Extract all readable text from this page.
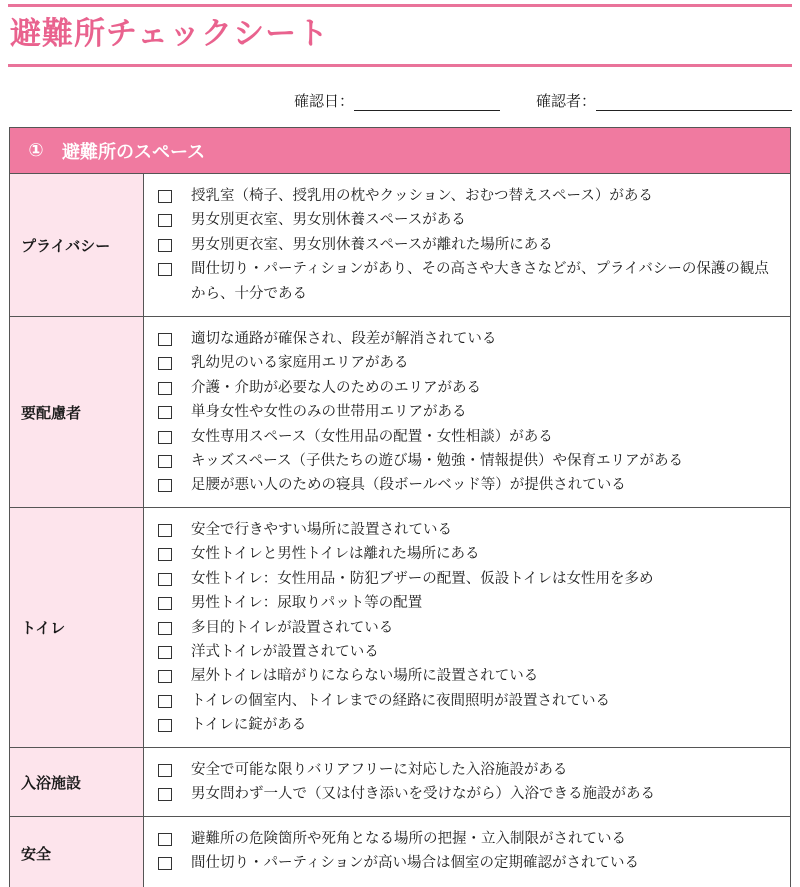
避難所チェックシート
確認日：	確認者：
①	避難所のスペース
プライバシー
授乳室（椅子、授乳用の枕やクッション、おむつ替えスペース）がある
男女別更衣室、男女別休養スペースがある
男女別更衣室、男女別休養スペースが離れた場所にある
間仕切り・パーティションがあり、その高さや大きさなどが、プライバシーの保護の観点から、十分である
要配慮者
適切な通路が確保され、段差が解消されている
乳幼児のいる家庭用エリアがある
介護・介助が必要な人のためのエリアがある
単身女性や女性のみの世帯用エリアがある
女性専用スペース（女性用品の配置・女性相談）がある
キッズスペース（子供たちの遊び場・勉強・情報提供）や保育エリアがある
足腰が悪い人のための寝具（段ボールベッド等）が提供されている
トイレ
安全で行きやすい場所に設置されている
女性トイレと男性トイレは離れた場所にある
女性トイレ：女性用品・防犯ブザーの配置、仮設トイレは女性用を多め
男性トイレ：尿取りパット等の配置
多目的トイレが設置されている
洋式トイレが設置されている
屋外トイレは暗がりにならない場所に設置されている
トイレの個室内、トイレまでの経路に夜間照明が設置されている
トイレに錠がある
入浴施設
安全で可能な限りバリアフリーに対応した入浴施設がある
男女問わず一人で（又は付き添いを受けながら）入浴できる施設がある
安全
避難所の危険箇所や死角となる場所の把握・立入制限がされている
間仕切り・パーティションが高い場合は個室の定期確認がされている
